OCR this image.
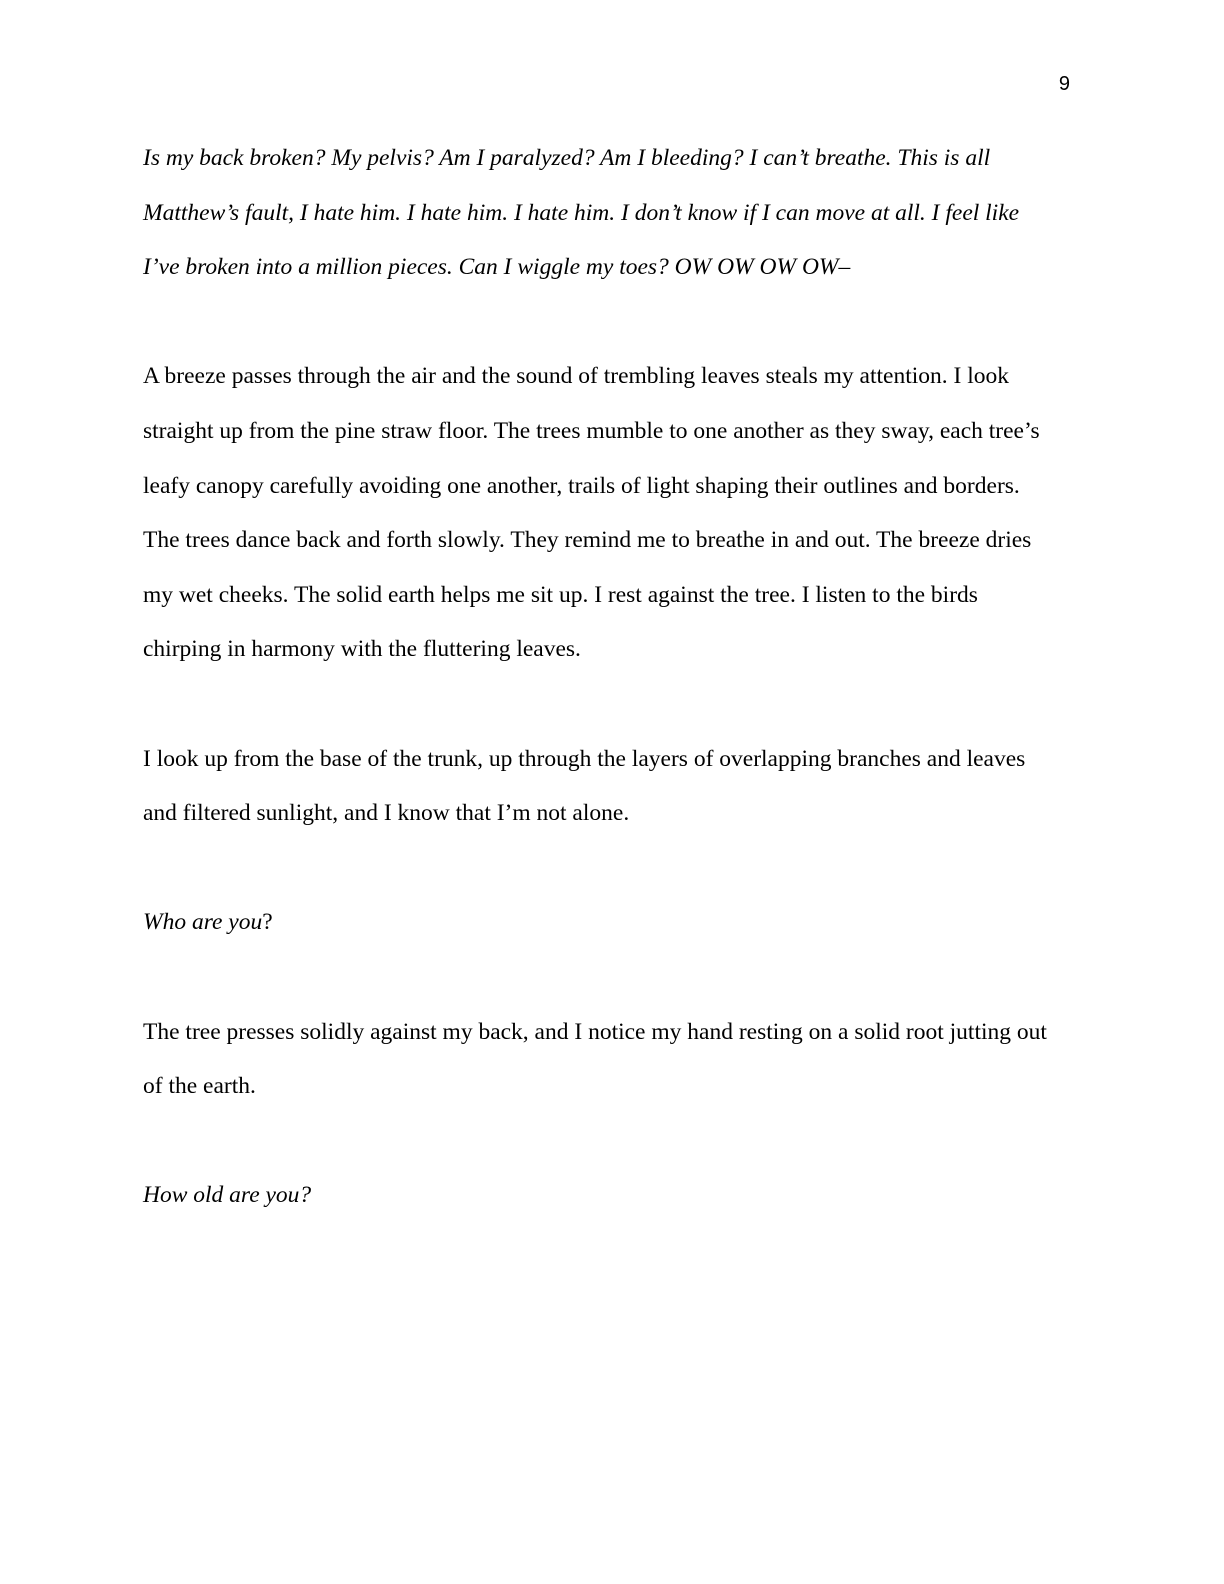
9

Is my back broken? My pelvis? Am I paralyzed? Am I bleeding? I can’t breathe. This is all Matthew’s fault, I hate him. I hate him. I hate him. I don’t know if I can move at all. I feel like I’ve broken into a million pieces. Can I wiggle my toes? OW OW OW OW–

A breeze passes through the air and the sound of trembling leaves steals my attention. I look straight up from the pine straw floor. The trees mumble to one another as they sway, each tree’s leafy canopy carefully avoiding one another, trails of light shaping their outlines and borders. The trees dance back and forth slowly. They remind me to breathe in and out. The breeze dries my wet cheeks. The solid earth helps me sit up. I rest against the tree. I listen to the birds chirping in harmony with the fluttering leaves.

I look up from the base of the trunk, up through the layers of overlapping branches and leaves and filtered sunlight, and I know that I’m not alone.

Who are you?

The tree presses solidly against my back, and I notice my hand resting on a solid root jutting out of the earth.

How old are you?
